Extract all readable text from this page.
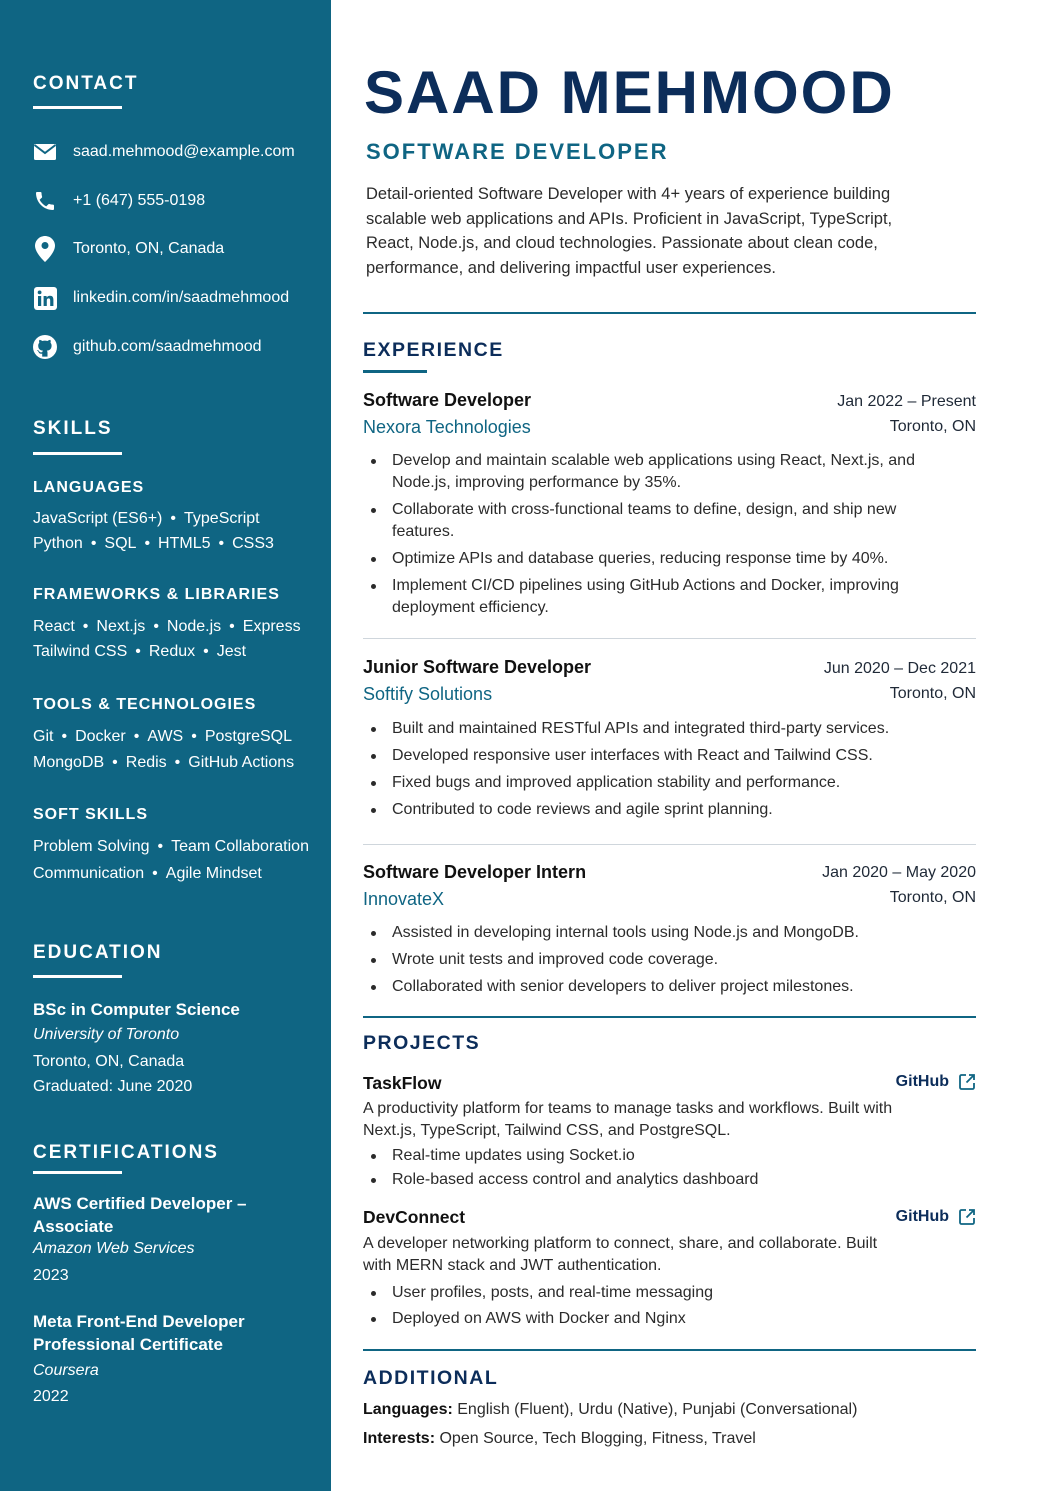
CONTACT
saad.mehmood@example.com
+1 (647) 555-0198
Toronto, ON, Canada
linkedin.com/in/saadmehmood
github.com/saadmehmood
SKILLS
LANGUAGES
JavaScript (ES6+) • TypeScript
Python • SQL • HTML5 • CSS3
FRAMEWORKS & LIBRARIES
React • Next.js • Node.js • Express
Tailwind CSS • Redux • Jest
TOOLS & TECHNOLOGIES
Git • Docker • AWS • PostgreSQL
MongoDB • Redis • GitHub Actions
SOFT SKILLS
Problem Solving • Team Collaboration
Communication • Agile Mindset
EDUCATION
BSc in Computer Science
University of Toronto
Toronto, ON, Canada
Graduated: June 2020
CERTIFICATIONS
AWS Certified Developer –
Associate
Amazon Web Services
2023
Meta Front-End Developer
Professional Certificate
Coursera
2022
SAAD MEHMOOD
SOFTWARE DEVELOPER

Detail-oriented Software Developer with 4+ years of experience building scalable web applications and APIs. Proficient in JavaScript, TypeScript, React, Node.js, and cloud technologies. Passionate about clean code, performance, and delivering impactful user experiences.

EXPERIENCE
Software Developer	Jan 2022 – Present
Nexora Technologies	Toronto, ON
Develop and maintain scalable web applications using React, Next.js, and Node.js, improving performance by 35%.
Collaborate with cross-functional teams to define, design, and ship new features.
Optimize APIs and database queries, reducing response time by 40%.
Implement CI/CD pipelines using GitHub Actions and Docker, improving deployment efficiency.
Junior Software Developer	Jun 2020 – Dec 2021
Softify Solutions	Toronto, ON
Built and maintained RESTful APIs and integrated third-party services.
Developed responsive user interfaces with React and Tailwind CSS.
Fixed bugs and improved application stability and performance.
Contributed to code reviews and agile sprint planning.
Software Developer Intern	Jan 2020 – May 2020
InnovateX	Toronto, ON
Assisted in developing internal tools using Node.js and MongoDB.
Wrote unit tests and improved code coverage.
Collaborated with senior developers to deliver project milestones.
PROJECTS
TaskFlow	GitHub

A productivity platform for teams to manage tasks and workflows. Built with Next.js, TypeScript, Tailwind CSS, and PostgreSQL.

Real-time updates using Socket.io
Role-based access control and analytics dashboard
DevConnect	GitHub

A developer networking platform to connect, share, and collaborate. Built with MERN stack and JWT authentication.

User profiles, posts, and real-time messaging
Deployed on AWS with Docker and Nginx
ADDITIONAL
Languages: English (Fluent), Urdu (Native), Punjabi (Conversational)
Interests: Open Source, Tech Blogging, Fitness, Travel
